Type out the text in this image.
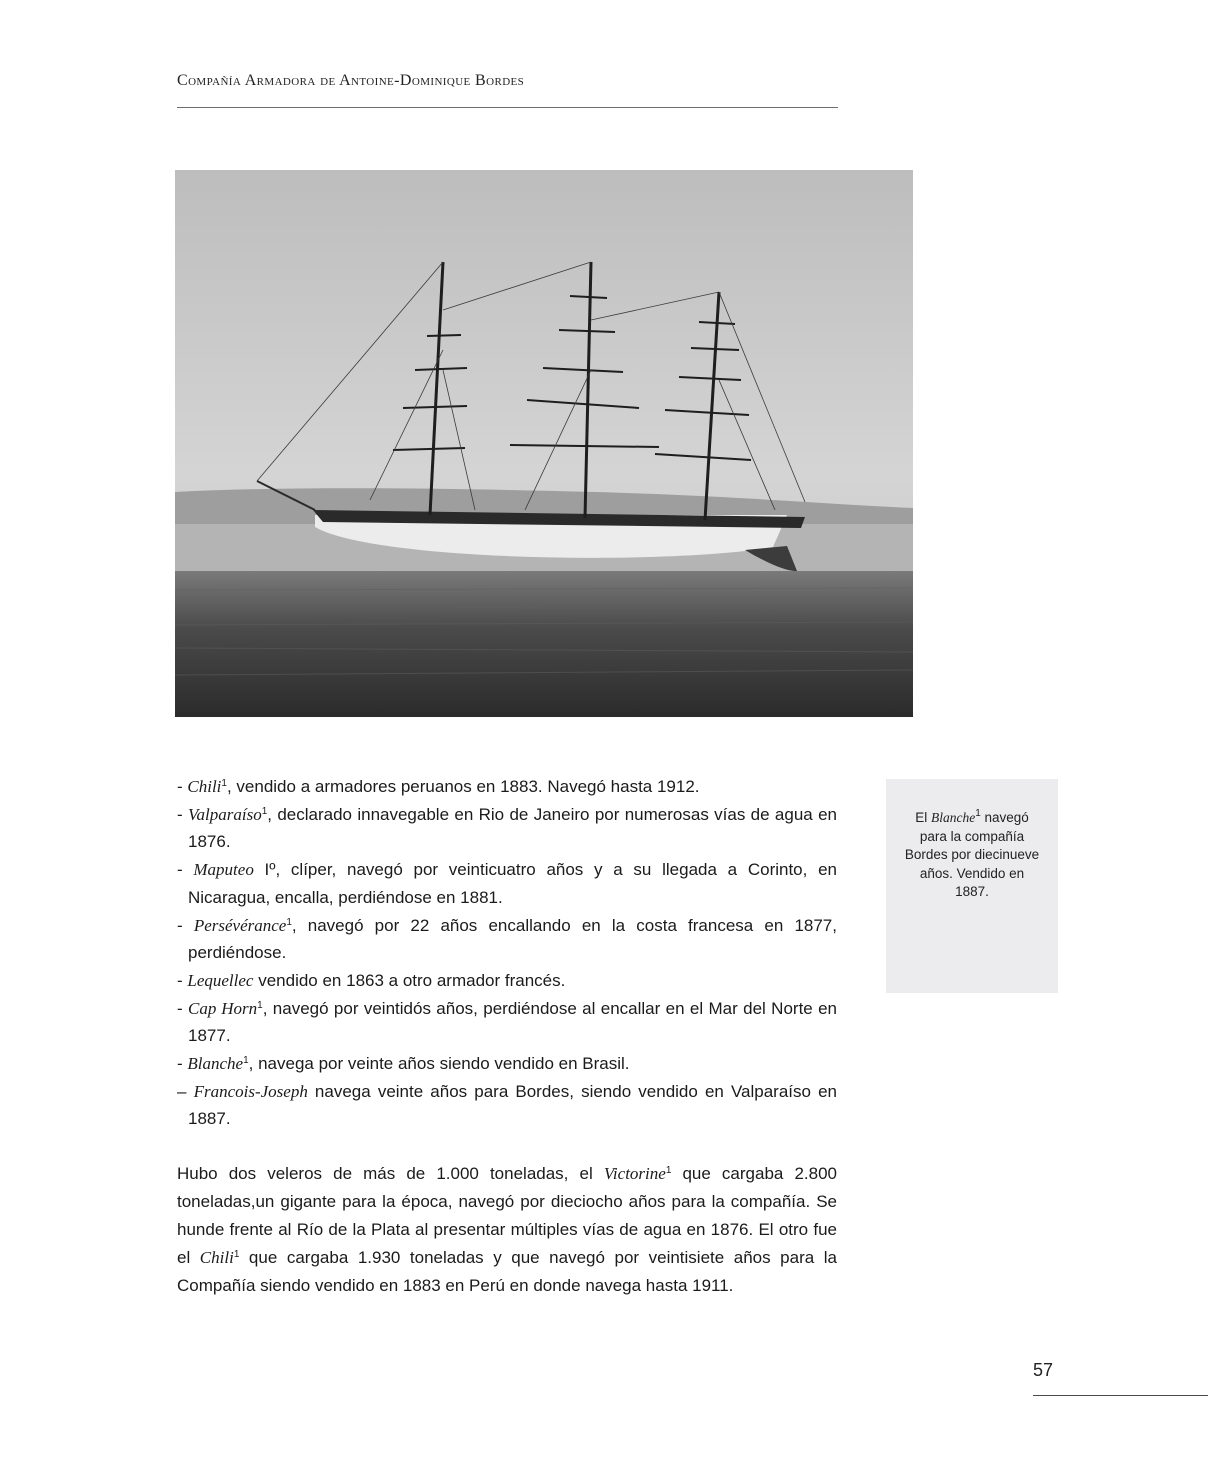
Compañía Armadora de Antoine-Dominique Bordes
- Chili$^1$, vendido a armadores peruanos en 1883. Navegó hasta 1912.
- Valparaíso$^1$, declarado innavegable en Rio de Janeiro por numerosas vías de agua en 1876.
- Maputeo Iº, clíper, navegó por veinticuatro años y a su llegada a Corinto, en Nicaragua, encalla, perdiéndose en 1881.
- Persévérance$^1$, navegó por 22 años encallando en la costa francesa en 1877, perdiéndose.
- Lequellec vendido en 1863 a otro armador francés.
- Cap Horn$^1$, navegó por veintidós años, perdiéndose al encallar en el Mar del Norte en 1877.
- Blanche$^1$, navega por veinte años siendo vendido en Brasil.
– Francois-Joseph navega veinte años para Bordes, siendo vendido en Valparaíso en 1887.

Hubo dos veleros de más de 1.000 toneladas, el Victorine$^1$ que cargaba 2.800 toneladas,un gigante para la época, navegó por dieciocho años para la compañía. Se hunde frente al Río de la Plata al presentar múltiples vías de agua en 1876. El otro fue el Chili$^1$ que cargaba 1.930 toneladas y que navegó por veintisiete años para la Compañía siendo vendido en 1883 en Perú en donde navega hasta 1911.

El Blanche$^1$ navegó para la compañía Bordes por diecinueve años. Vendido en 1887.
57
